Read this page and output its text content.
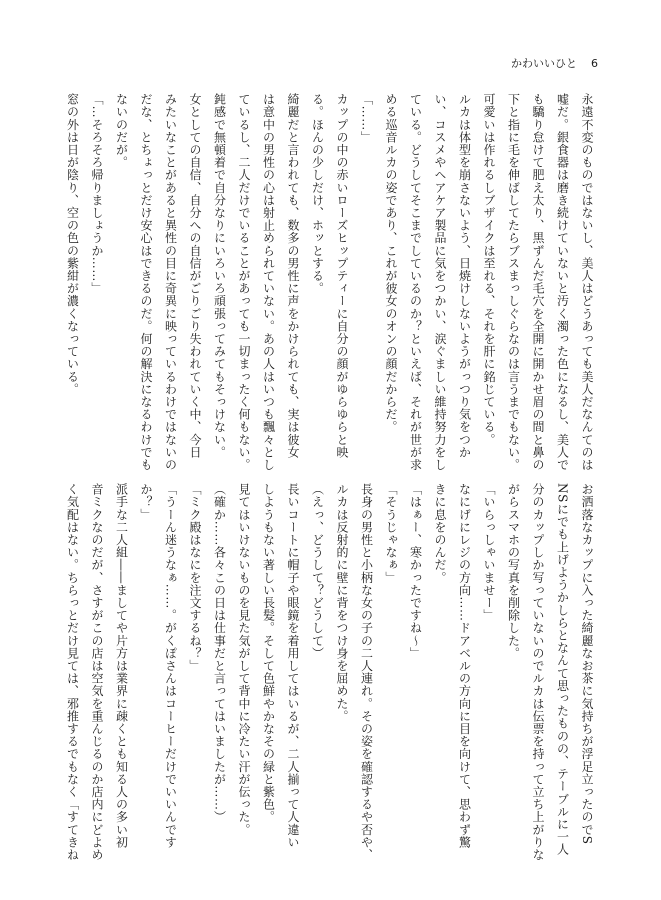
かわいいひと 6

永遠不変のものではないし、美人はどうあっても美人だなんてのは

嘘だ。銀食器は磨き続けていないと汚く濁った色になるし、美人で

も驕り怠けて肥え太り、黒ずんだ毛穴を全開に開かせ眉の間と鼻の

下と指に毛を伸ばしてたらブスまっしぐらなのは言うまでもない。

可愛いは作れるしブザイクは至れる、それを肝に銘じている。

ルカは体型を崩さないよう、日焼けしないようがっつり気をつか

い、コスメやヘアケア製品に気をつかい、涙ぐましい維持努力をし

ている。どうしてそこまでしているのか？といえば、それが世が求

める巡音ルカの姿であり、これが彼女のオンの顔だからだ。

「……」

カップの中の赤いローズヒップティーに自分の顔がゆらゆらと映

る。ほんの少しだけ、ホッとする。

綺麗だと言われても、数多の男性に声をかけられても、実は彼女

は意中の男性の心は射止められていない。あの人はいつも飄々とし

ているし、二人だけでいることがあっても一切まったく何もない。

鈍感で無頓着で自分なりにいろいろ頑張ってみてもそっけない。

女としての自信、自分への自信がごりごり失われていく中、今日

みたいなことがあると異性の目に奇異に映っているわけではないの

だな、とちょっとだけ安心はできるのだ。何の解決になるわけでも

ないのだが。

「…そろそろ帰りましょうか……」

窓の外は日が陰り、空の色の紫紺が濃くなっている。

お洒落なカップに入った綺麗なお茶に気持ちが浮足立ったのでS

NSにでも上げようかしらとなんて思ったものの、テーブルに一人

分のカップしか写っていないのでルカは伝票を持って立ち上がりな

がらスマホの写真を削除した。

「いらっしゃいませー」

なにげにレジの方向……ドアベルの方向に目を向けて、思わず驚

きに息をのんだ。

「はぁー、寒かったですね～」

「そうじゃなぁ」

長身の男性と小柄な女の子の二人連れ。その姿を確認するや否や、

ルカは反射的に壁に背をつけ身を屈めた。

（えっ、どうして？どうして）

長いコートに帽子や眼鏡を着用してはいるが、二人揃って人違い

しようもない著しい長髪。そして色鮮やかなその緑と紫色。

見てはいけないものを見た気がして背中に冷たい汗が伝った。

（確か……各々この日は仕事だと言ってはいましたが……）

「ミク殿はなにを注文するね？」

「うーん迷うなぁ……。がくぽさんはコーヒーだけでいいんです

か？」

派手な二人組――ましてや片方は業界に疎くとも知る人の多い初

音ミクなのだが、さすがこの店は空気を重んじるのか店内にどよめ

く気配はない。ちらっとだけ見ては、邪推するでもなく「すてきね
